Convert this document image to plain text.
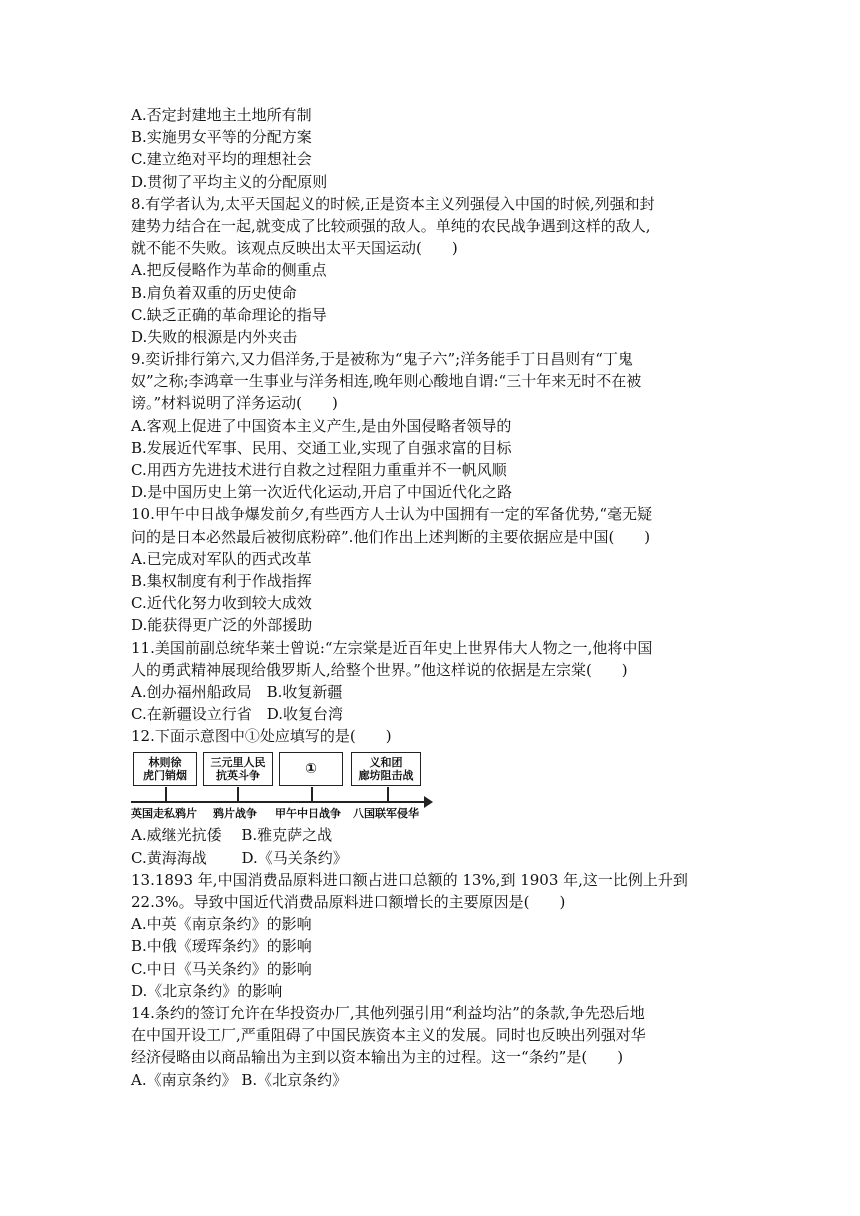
A.否定封建地主土地所有制
B.实施男女平等的分配方案
C.建立绝对平均的理想社会
D.贯彻了平均主义的分配原则
8.有学者认为,太平天国起义的时候,正是资本主义列强侵入中国的时候,列强和封
建势力结合在一起,就变成了比较顽强的敌人。单纯的农民战争遇到这样的敌人,
就不能不失败。该观点反映出太平天国运动(　　)
A.把反侵略作为革命的侧重点
B.肩负着双重的历史使命
C.缺乏正确的革命理论的指导
D.失败的根源是内外夹击
9.奕䜣排行第六,又力倡洋务,于是被称为“鬼子六”;洋务能手丁日昌则有“丁鬼
奴”之称;李鸿章一生事业与洋务相连,晚年则心酸地自谓:“三十年来无时不在被
谤。”材料说明了洋务运动(　　)
A.客观上促进了中国资本主义产生,是由外国侵略者领导的
B.发展近代军事、民用、交通工业,实现了自强求富的目标
C.用西方先进技术进行自救之过程阻力重重并不一帆风顺
D.是中国历史上第一次近代化运动,开启了中国近代化之路
10.甲午中日战争爆发前夕,有些西方人士认为中国拥有一定的军备优势,“毫无疑
问的是日本必然最后被彻底粉碎”.他们作出上述判断的主要依据应是中国(　　)
A.已完成对军队的西式改革
B.集权制度有利于作战指挥
C.近代化努力收到较大成效
D.能获得更广泛的外部援助
11.美国前副总统华莱士曾说:“左宗棠是近百年史上世界伟大人物之一,他将中国
人的勇武精神展现给俄罗斯人,给整个世界。”他这样说的依据是左宗棠(　　)
A.创办福州船政局　B.收复新疆
C.在新疆设立行省　D.收复台湾
12.下面示意图中①处应填写的是(　　)
林则徐
虎门销烟
三元里人民
抗英斗争	①	义和团
廊坊阻击战
英国走私鸦片 鸦片战争 甲午中日战争 八国联军侵华
A.威继光抗倭　 B.雅克萨之战
C.黄海海战　　 D.《马关条约》
13.1893 年,中国消费品原料进口额占进口总额的 13%,到 1903 年,这一比例上升到
22.3%。导致中国近代消费品原料进口额增长的主要原因是(　　)
A.中英《南京条约》的影响
B.中俄《瑷珲条约》的影响
C.中日《马关条约》的影响
D.《北京条约》的影响
14.条约的签订允许在华投资办厂,其他列强引用“利益均沾”的条款,争先恐后地
在中国开设工厂,严重阻碍了中国民族资本主义的发展。同时也反映出列强对华
经济侵略由以商品输出为主到以资本输出为主的过程。这一“条约”是(　　)
A.《南京条约》 B.《北京条约》
